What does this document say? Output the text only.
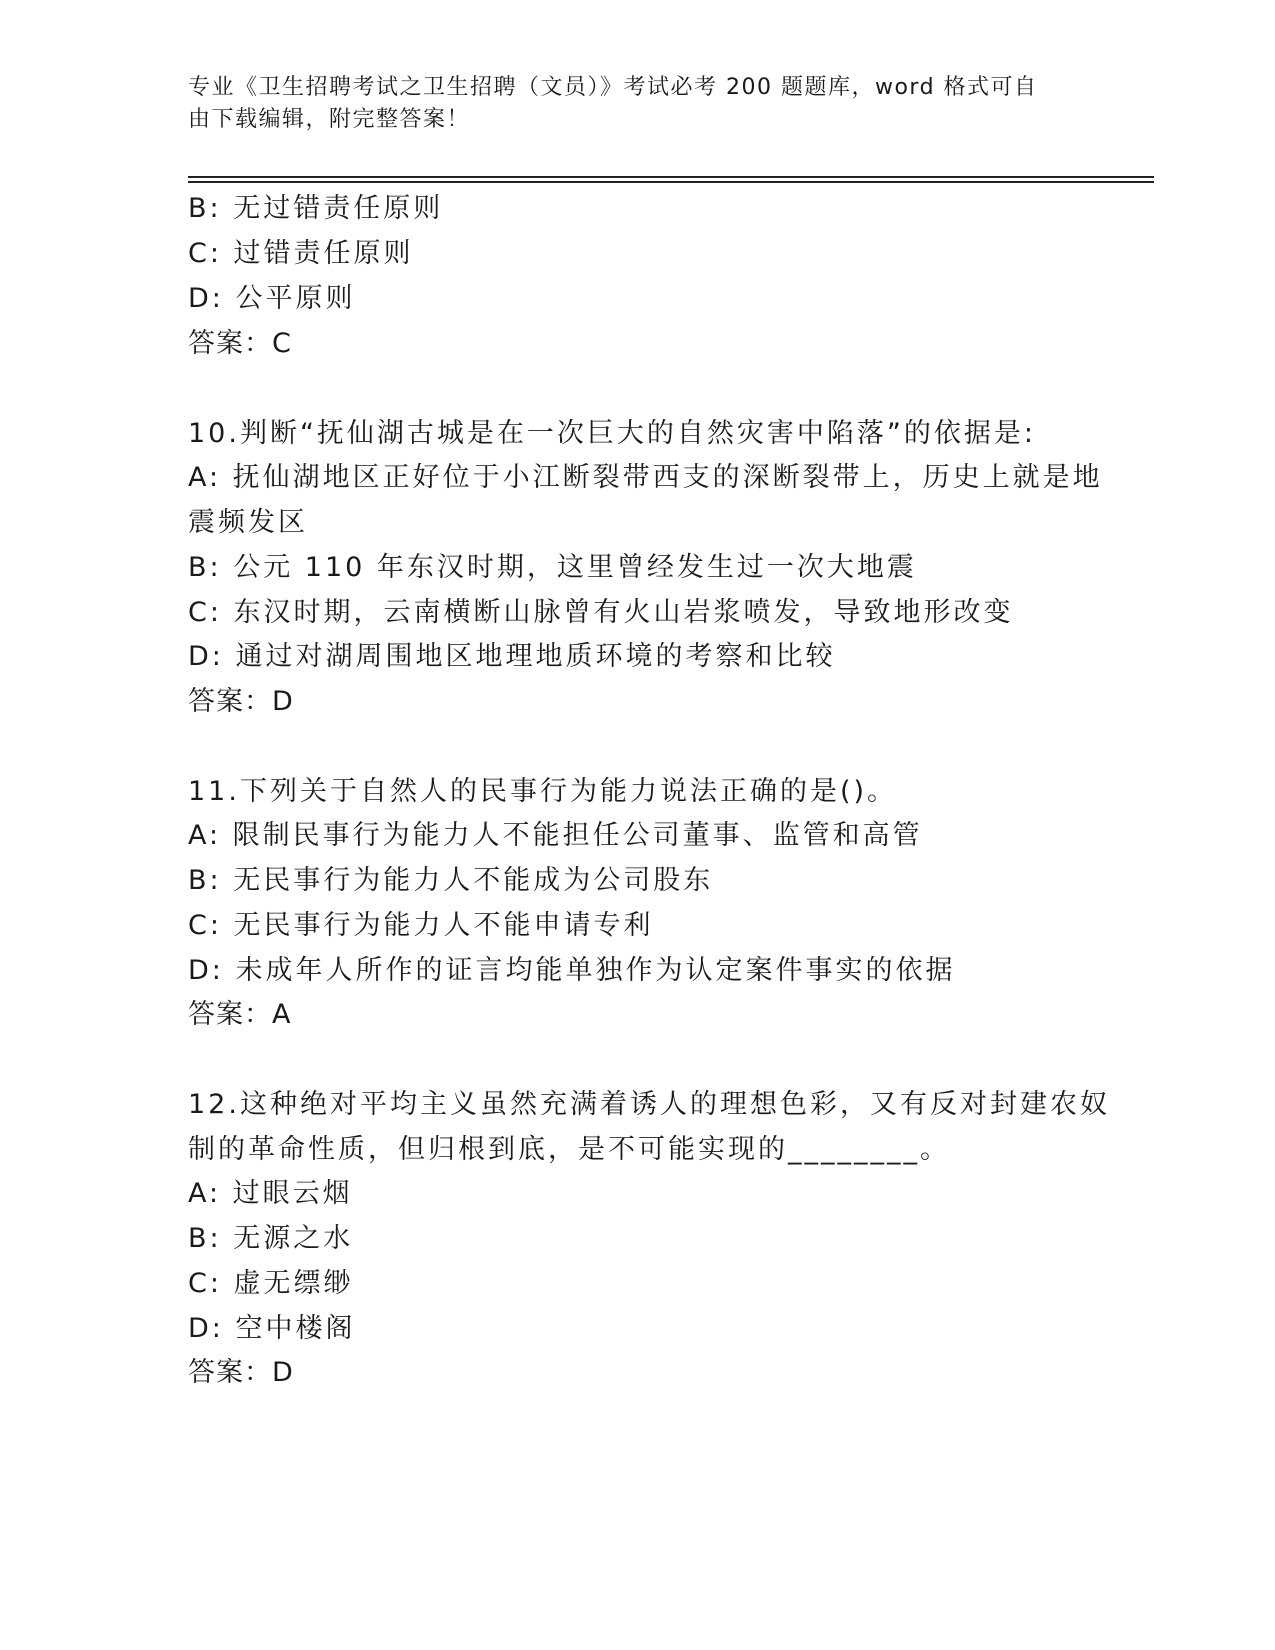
专业《卫生招聘考试之卫生招聘（文员）》考试必考 200 题题库，word 格式可自
由下载编辑，附完整答案！
B: 无过错责任原则
C: 过错责任原则
D: 公平原则
答案：C
10.判断“抚仙湖古城是在一次巨大的自然灾害中陷落”的依据是:
A: 抚仙湖地区正好位于小江断裂带西支的深断裂带上，历史上就是地
震频发区
B: 公元 110 年东汉时期，这里曾经发生过一次大地震
C: 东汉时期，云南横断山脉曾有火山岩浆喷发，导致地形改变
D: 通过对湖周围地区地理地质环境的考察和比较
答案：D
11.下列关于自然人的民事行为能力说法正确的是()。
A: 限制民事行为能力人不能担任公司董事、监管和高管
B: 无民事行为能力人不能成为公司股东
C: 无民事行为能力人不能申请专利
D: 未成年人所作的证言均能单独作为认定案件事实的依据
答案：A
12.这种绝对平均主义虽然充满着诱人的理想色彩，又有反对封建农奴
制的革命性质，但归根到底，是不可能实现的________。
A: 过眼云烟
B: 无源之水
C: 虚无缥缈
D: 空中楼阁
答案：D
